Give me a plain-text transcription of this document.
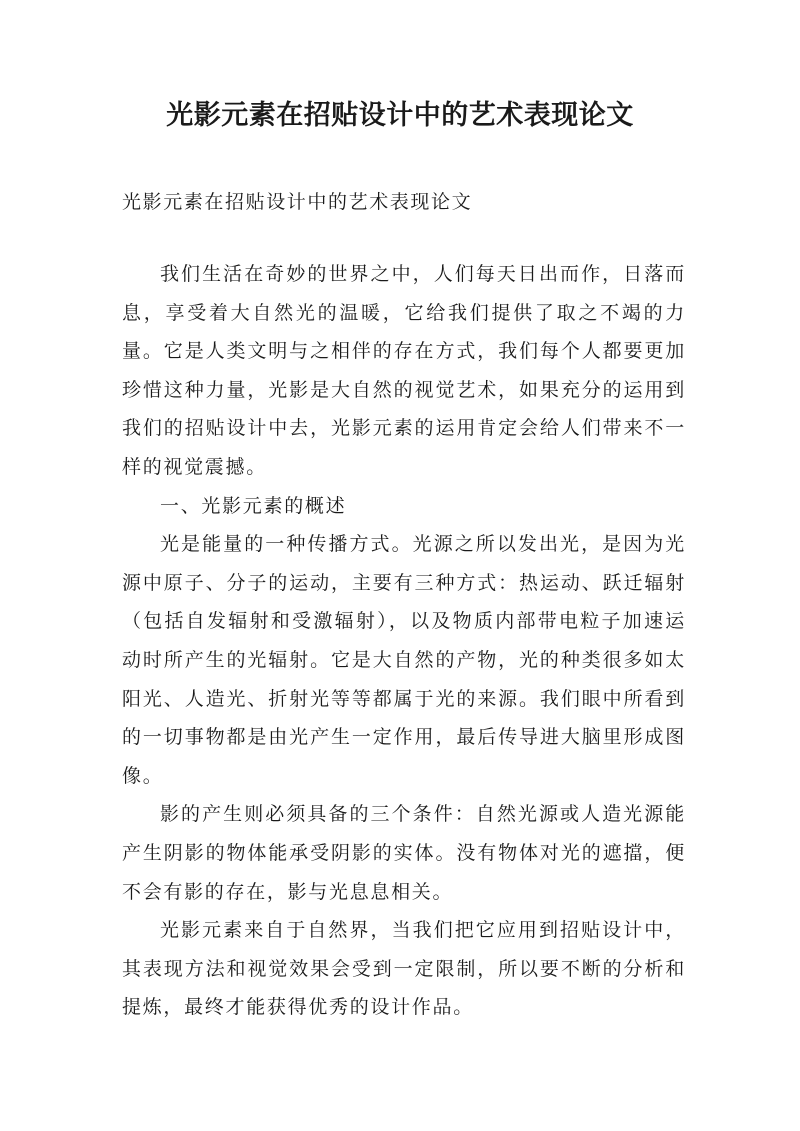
光影元素在招贴设计中的艺术表现论文
光影元素在招贴设计中的艺术表现论文

我们生活在奇妙的世界之中，人们每天日出而作，日落而息，享受着大自然光的温暖，它给我们提供了取之不竭的力量。它是人类文明与之相伴的存在方式，我们每个人都要更加珍惜这种力量，光影是大自然的视觉艺术，如果充分的运用到我们的招贴设计中去，光影元素的运用肯定会给人们带来不一样的视觉震撼。

一、光影元素的概述

光是能量的一种传播方式。光源之所以发出光，是因为光源中原子、分子的运动，主要有三种方式：热运动、跃迁辐射（包括自发辐射和受激辐射），以及物质内部带电粒子加速运动时所产生的光辐射。它是大自然的产物，光的种类很多如太阳光、人造光、折射光等等都属于光的来源。我们眼中所看到的一切事物都是由光产生一定作用，最后传导进大脑里形成图像。

影的产生则必须具备的三个条件：自然光源或人造光源能产生阴影的物体能承受阴影的实体。没有物体对光的遮擋，便不会有影的存在，影与光息息相关。

光影元素来自于自然界，当我们把它应用到招贴设计中，其表现方法和视觉效果会受到一定限制，所以要不断的分析和提炼，最终才能获得优秀的设计作品。
